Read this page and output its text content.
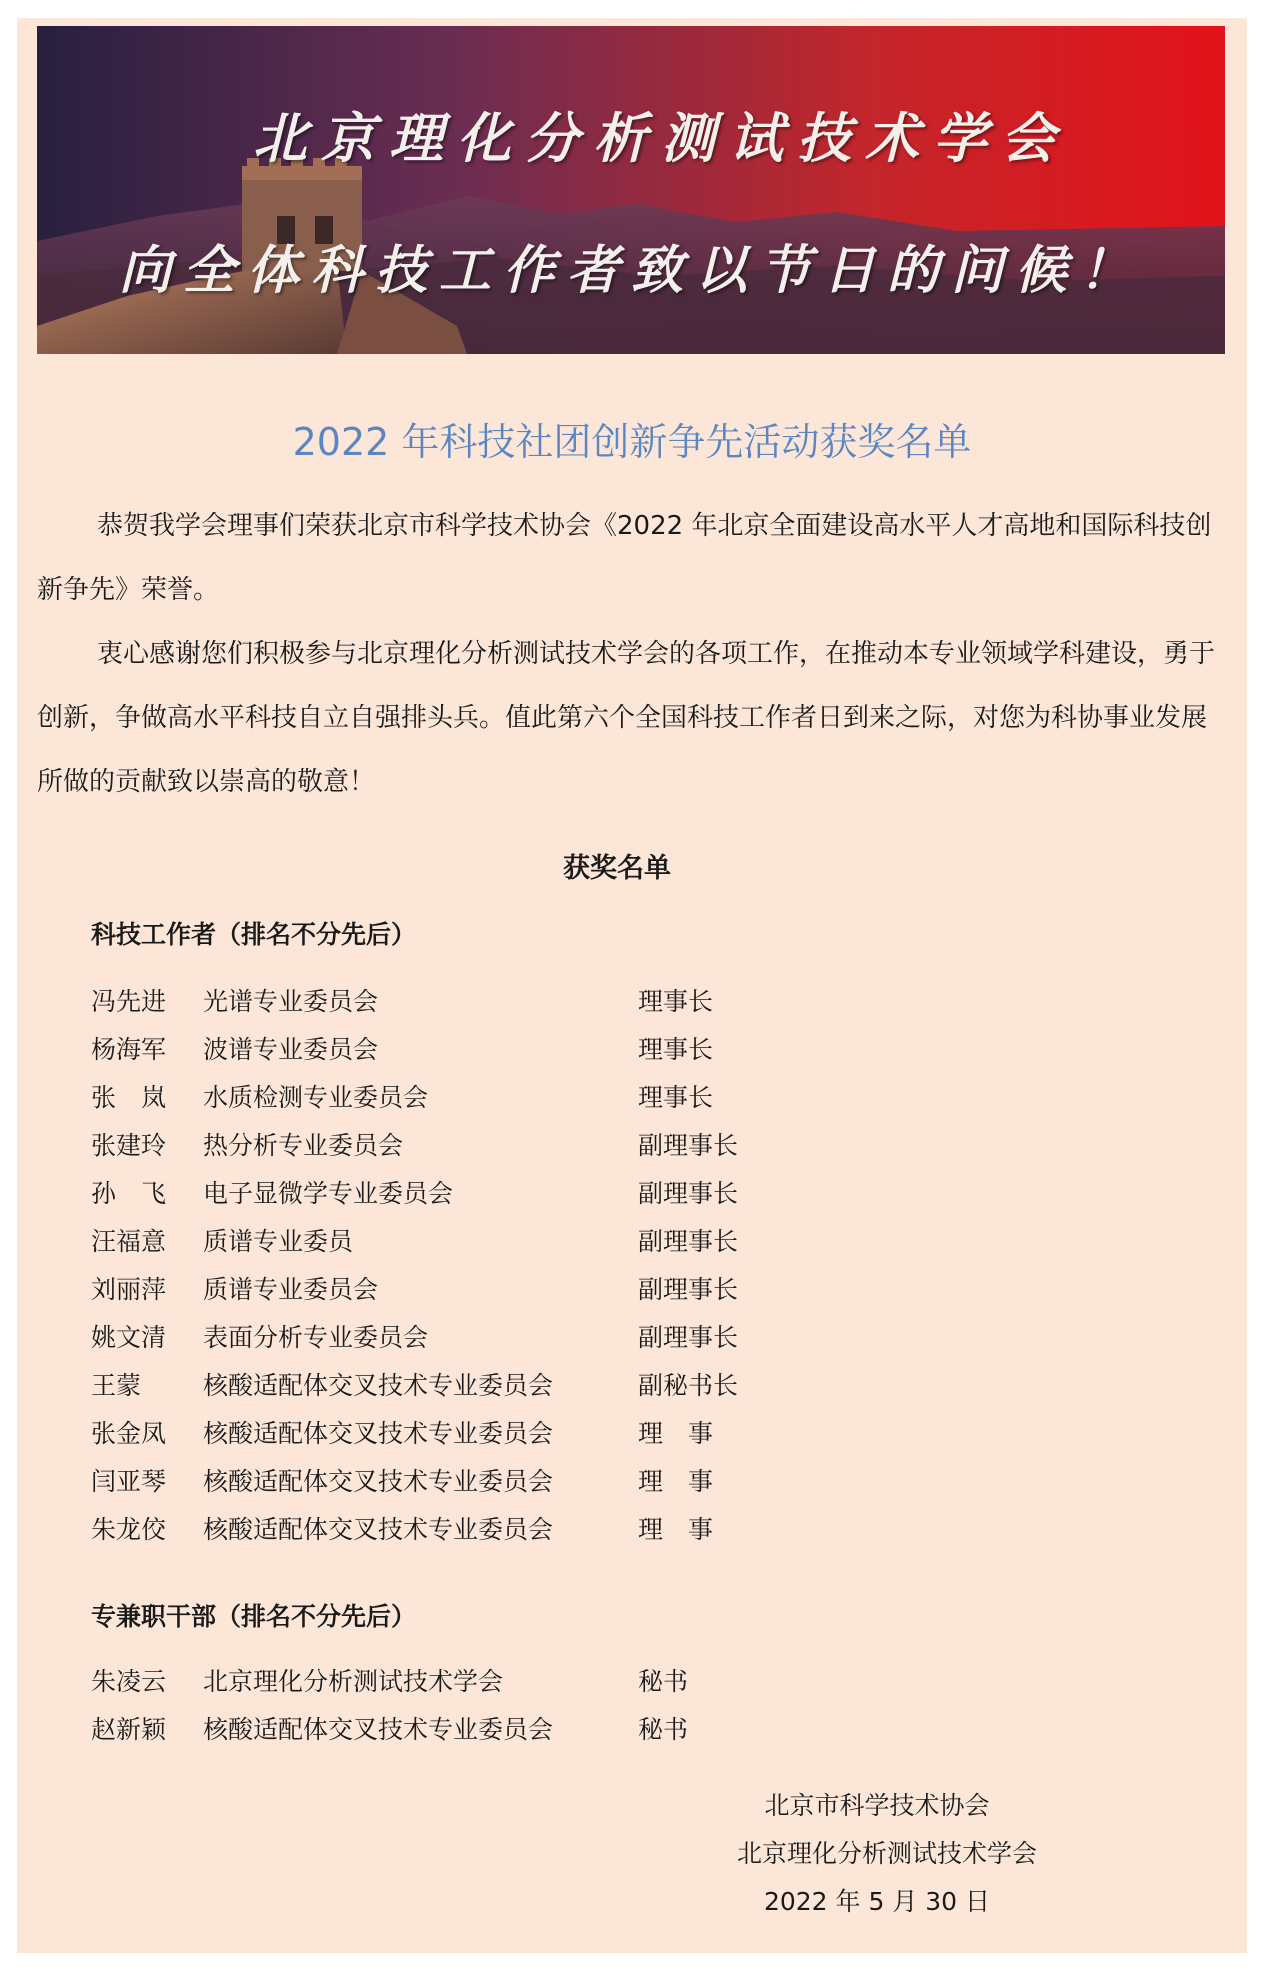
北京理化分析测试技术学会
向全体科技工作者致以节日的问候！
2022 年科技社团创新争先活动获奖名单
恭贺我学会理事们荣获北京市科学技术协会《2022 年北京全面建设高水平人才高地和国际科技创新争先》荣誉。
衷心感谢您们积极参与北京理化分析测试技术学会的各项工作，在推动本专业领域学科建设，勇于创新，争做高水平科技自立自强排头兵。值此第六个全国科技工作者日到来之际，对您为科协事业发展所做的贡献致以崇高的敬意！
获奖名单
科技工作者（排名不分先后）
冯先进	光谱专业委员会	理事长
杨海军	波谱专业委员会	理事长
张　岚	水质检测专业委员会	理事长
张建玲	热分析专业委员会	副理事长
孙　飞	电子显微学专业委员会	副理事长
汪福意	质谱专业委员	副理事长
刘丽萍	质谱专业委员会	副理事长
姚文清	表面分析专业委员会	副理事长
王蒙	核酸适配体交叉技术专业委员会	副秘书长
张金凤	核酸适配体交叉技术专业委员会	理　事
闫亚琴	核酸适配体交叉技术专业委员会	理　事
朱龙佼	核酸适配体交叉技术专业委员会	理　事
专兼职干部（排名不分先后）
朱凌云	北京理化分析测试技术学会	秘书
赵新颖	核酸适配体交叉技术专业委员会	秘书
北京市科学技术协会
北京理化分析测试技术学会
2022 年 5 月 30 日
